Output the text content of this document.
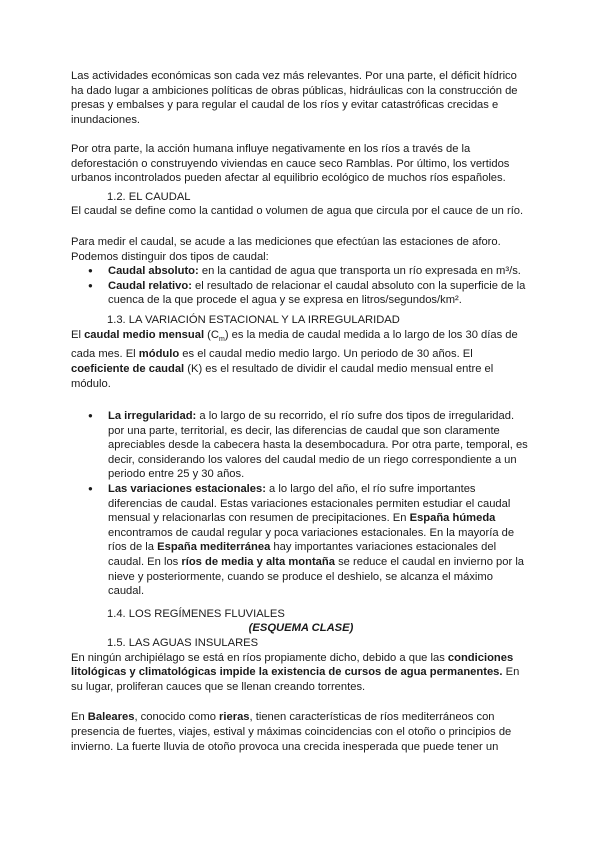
Las actividades económicas son cada vez más relevantes. Por una parte, el déficit hídrico ha dado lugar a ambiciones políticas de obras públicas, hidráulicas con la construcción de presas y embalses y para regular el caudal de los ríos y evitar catastróficas crecidas e inundaciones.

Por otra parte, la acción humana influye negativamente en los ríos a través de la deforestación o construyendo viviendas en cauce seco Ramblas. Por último, los vertidos urbanos incontrolados pueden afectar al equilibrio ecológico de muchos ríos españoles.

1.2. EL CAUDAL

El caudal se define como la cantidad o volumen de agua que circula por el cauce de un río.

Para medir el caudal, se acude a las mediciones que efectúan las estaciones de aforo. Podemos distinguir dos tipos de caudal:

● Caudal absoluto: en la cantidad de agua que transporta un río expresada en m³/s.
● Caudal relativo: el resultado de relacionar el caudal absoluto con la superficie de la cuenca de la que procede el agua y se expresa en litros/segundos/km².

1.3. LA VARIACIÓN ESTACIONAL Y LA IRREGULARIDAD

El caudal medio mensual $(C_m)$ es la media de caudal medida a lo largo de los 30 días de cada mes. El módulo es el caudal medio medio largo. Un periodo de 30 años. El coeficiente de caudal (K) es el resultado de dividir el caudal medio mensual entre el módulo.

● La irregularidad: a lo largo de su recorrido, el río sufre dos tipos de irregularidad. por una parte, territorial, es decir, las diferencias de caudal que son claramente apreciables desde la cabecera hasta la desembocadura. Por otra parte, temporal, es decir, considerando los valores del caudal medio de un riego correspondiente a un periodo entre 25 y 30 años.
● Las variaciones estacionales: a lo largo del año, el río sufre importantes diferencias de caudal. Estas variaciones estacionales permiten estudiar el caudal mensual y relacionarlas con resumen de precipitaciones. En España húmeda encontramos de caudal regular y poca variaciones estacionales. En la mayoría de ríos de la España mediterránea hay importantes variaciones estacionales del caudal. En los ríos de media y alta montaña se reduce el caudal en invierno por la nieve y posteriormente, cuando se produce el deshielo, se alcanza el máximo caudal.

1.4. LOS REGÍMENES FLUVIALES

(ESQUEMA CLASE)

1.5. LAS AGUAS INSULARES

En ningún archipiélago se está en ríos propiamente dicho, debido a que las condiciones litológicas y climatológicas impide la existencia de cursos de agua permanentes. En su lugar, proliferan cauces que se llenan creando torrentes.

En Baleares, conocido como rieras, tienen características de ríos mediterráneos con presencia de fuertes, viajes, estival y máximas coincidencias con el otoño o principios de invierno. La fuerte lluvia de otoño provoca una crecida inesperada que puede tener un
